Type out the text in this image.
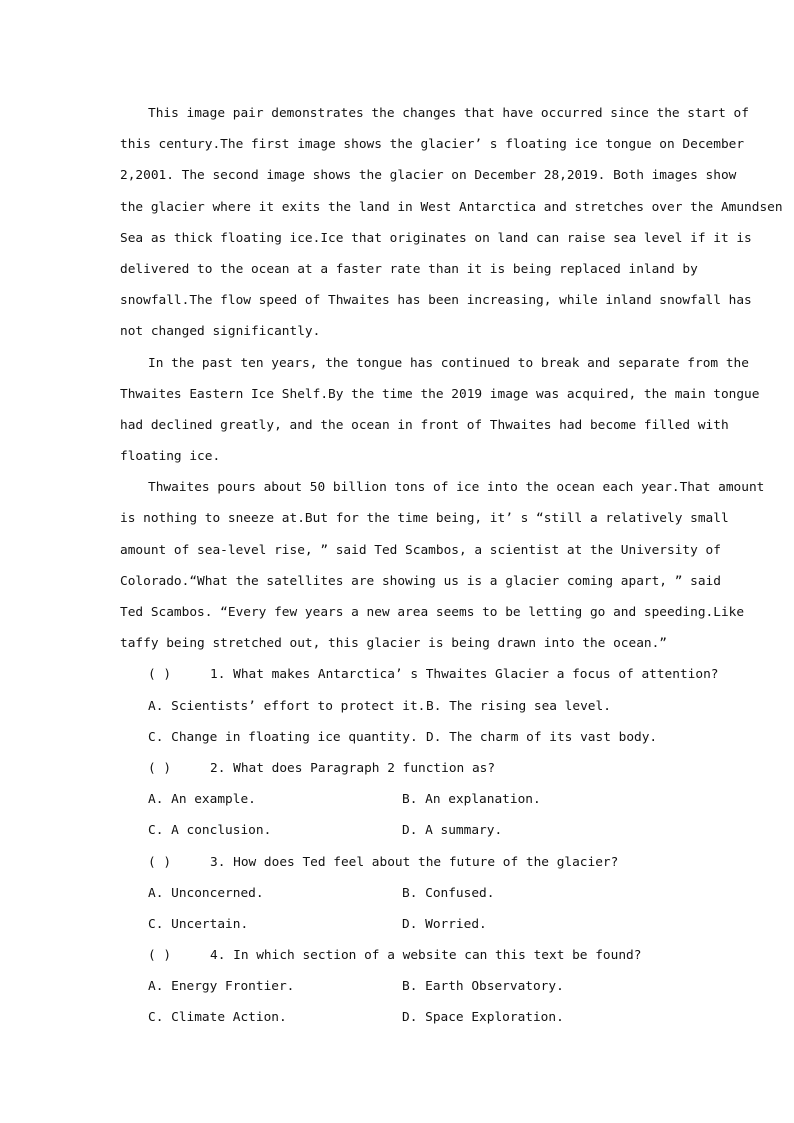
This image pair demonstrates the changes that have occurred since the start of
this century.The first image shows the glacier’ s floating ice tongue on December
2,2001. The second image shows the glacier on December 28,2019. Both images show
the glacier where it exits the land in West Antarctica and stretches over the Amundsen
Sea as thick floating ice.Ice that originates on land can raise sea level if it is
delivered to the ocean at a faster rate than it is being replaced inland by
snowfall.The flow speed of Thwaites has been increasing, while inland snowfall has
not changed significantly.
In the past ten years, the tongue has continued to break and separate from the
Thwaites Eastern Ice Shelf.By the time the 2019 image was acquired, the main tongue
had declined greatly, and the ocean in front of Thwaites had become filled with
floating ice.
Thwaites pours about 50 billion tons of ice into the ocean each year.That amount
is nothing to sneeze at.But for the time being, it’ s “still a relatively small
amount of sea-level rise, ” said Ted Scambos, a scientist at the University of
Colorado.“What the satellites are showing us is a glacier coming apart, ” said
Ted Scambos. “Every few years a new area seems to be letting go and speeding.Like
taffy being stretched out, this glacier is being drawn into the ocean.”
( )	1. What makes Antarctica’ s Thwaites Glacier a focus of attention?
A. Scientists’ effort to protect it. B. The rising sea level.
C. Change in floating ice quantity. D. The charm of its vast body.
( )	2. What does Paragraph 2 function as?
A. An example.	B. An explanation.
C. A conclusion.	D. A summary.
( )	3. How does Ted feel about the future of the glacier?
A. Unconcerned.	B. Confused.
C. Uncertain.	D. Worried.
( )	4. In which section of a website can this text be found?
A. Energy Frontier.	B. Earth Observatory.
C. Climate Action.	D. Space Exploration.
